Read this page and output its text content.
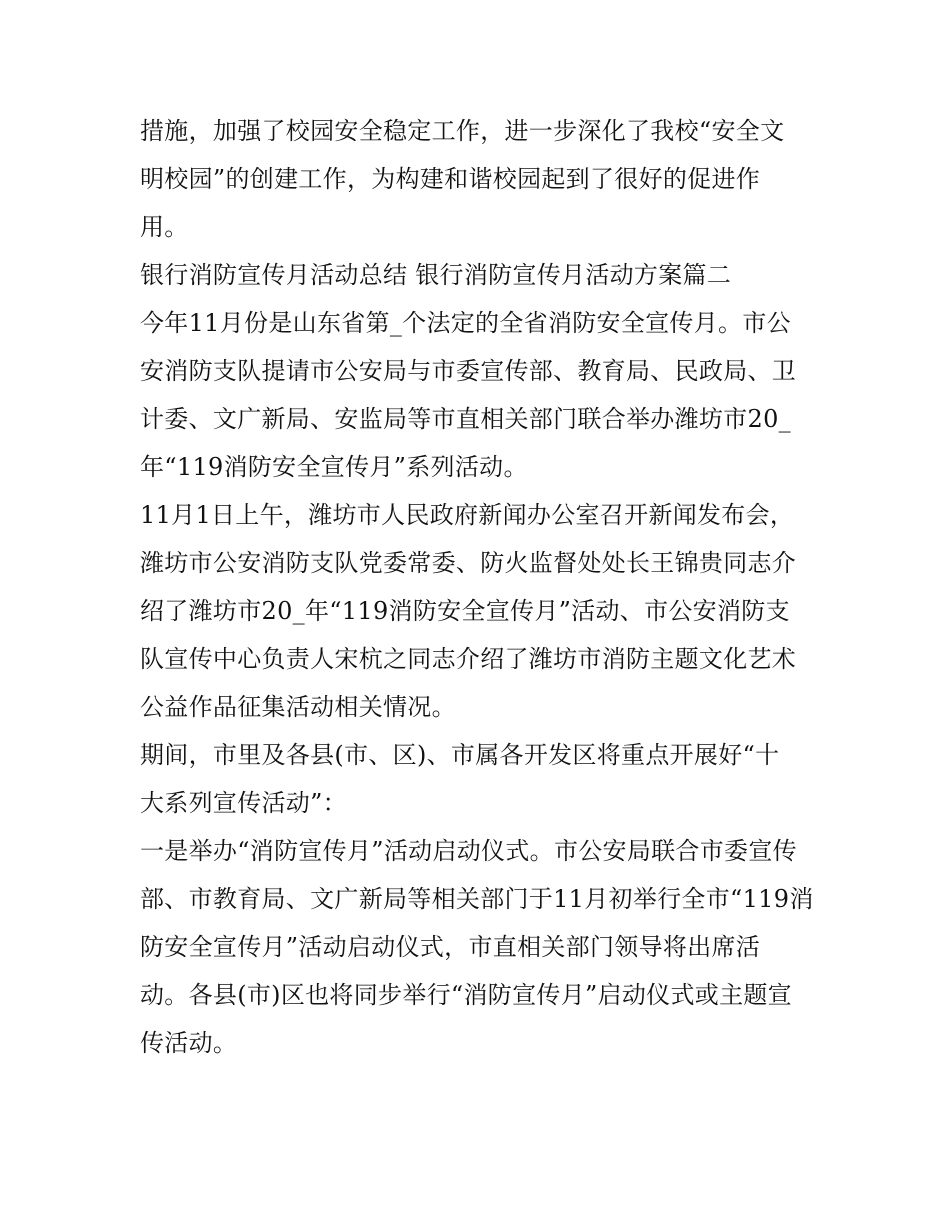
措施，加强了校园安全稳定工作，进一步深化了我校“安全文
明校园”的创建工作，为构建和谐校园起到了很好的促进作
用。
银行消防宣传月活动总结 银行消防宣传月活动方案篇二
今年11月份是山东省第_个法定的全省消防安全宣传月。市公
安消防支队提请市公安局与市委宣传部、教育局、民政局、卫
计委、文广新局、安监局等市直相关部门联合举办潍坊市20_
年“119消防安全宣传月”系列活动。
11月1日上午，潍坊市人民政府新闻办公室召开新闻发布会，
潍坊市公安消防支队党委常委、防火监督处处长王锦贵同志介
绍了潍坊市20_年“119消防安全宣传月”活动、市公安消防支
队宣传中心负责人宋杭之同志介绍了潍坊市消防主题文化艺术
公益作品征集活动相关情况。
期间，市里及各县(市、区)、市属各开发区将重点开展好“十
大系列宣传活动”：
一是举办“消防宣传月”活动启动仪式。市公安局联合市委宣传
部、市教育局、文广新局等相关部门于11月初举行全市“119消
防安全宣传月”活动启动仪式，市直相关部门领导将出席活
动。各县(市)区也将同步举行“消防宣传月”启动仪式或主题宣
传活动。
